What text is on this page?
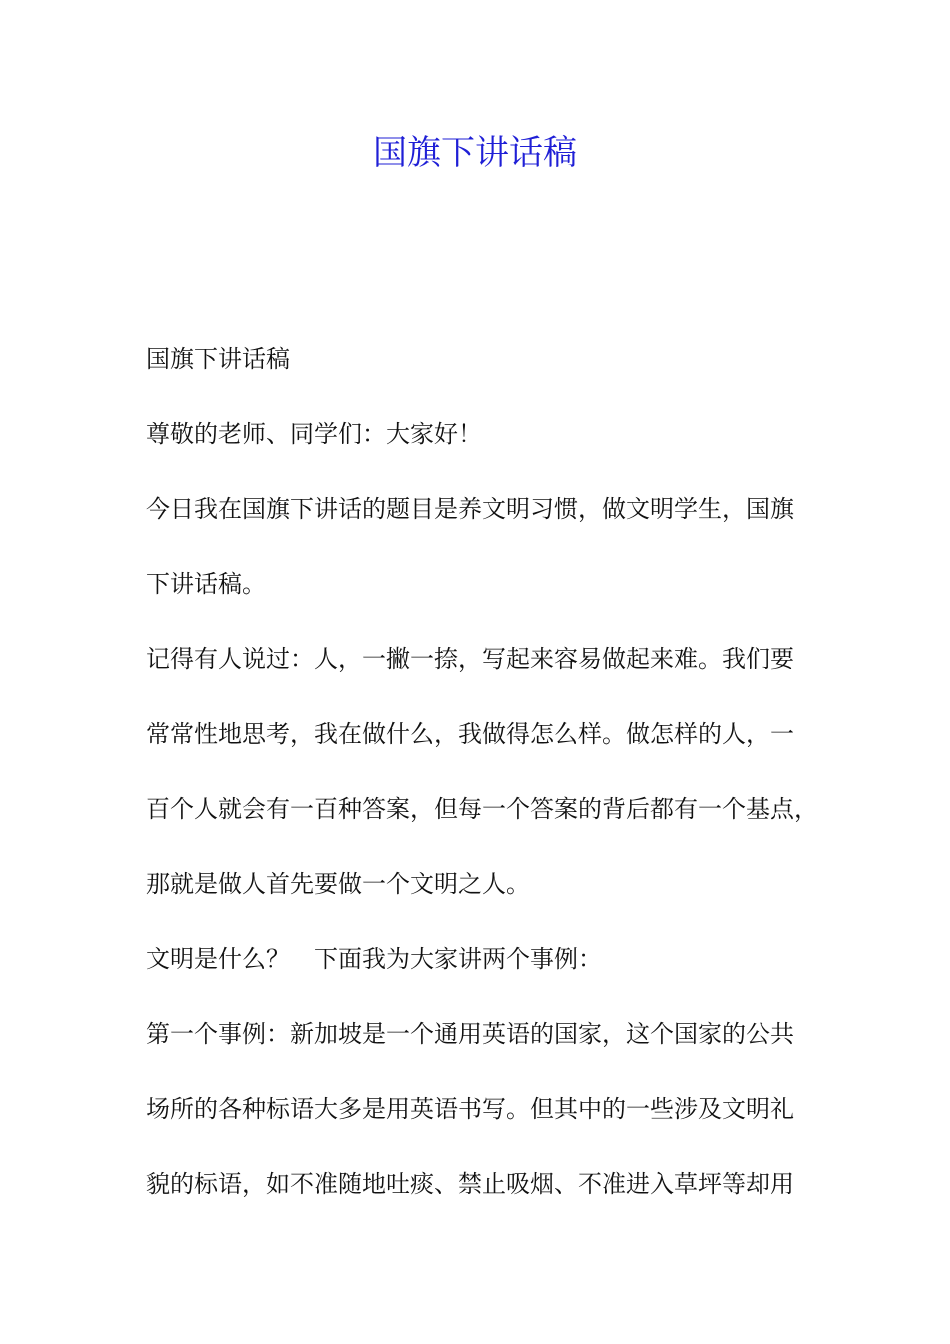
国旗下讲话稿
国旗下讲话稿
尊敬的老师、同学们：大家好！
今日我在国旗下讲话的题目是养文明习惯，做文明学生，国旗
下讲话稿。
记得有人说过：人，一撇一捺，写起来容易做起来难。我们要
常常性地思考，我在做什么，我做得怎么样。做怎样的人，一
百个人就会有一百种答案，但每一个答案的背后都有一个基点，
那就是做人首先要做一个文明之人。
文明是什么？　下面我为大家讲两个事例：
第一个事例：新加坡是一个通用英语的国家，这个国家的公共
场所的各种标语大多是用英语书写。但其中的一些涉及文明礼
貌的标语，如不准随地吐痰、禁止吸烟、不准进入草坪等却用
